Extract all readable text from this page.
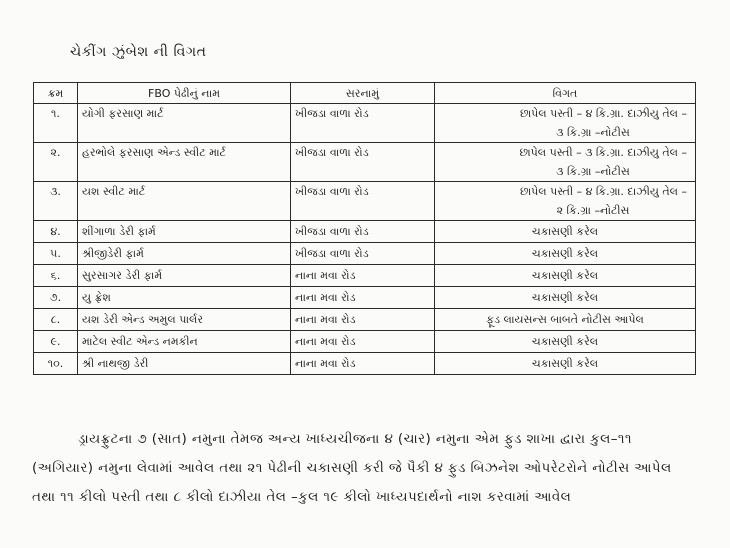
ચેકીંગ ઝુંબેશ ની વિગત
ક્રમ	FBO પેઢીનું નામ	સરનામું	વિગત
૧.	યોગી ફરસાણ માર્ટ	ખીજડા વાળા રોડ	છાપેલ પસ્તી – ૪ કિ.ગ્રા. દાઝીયુ તેલ –
૩ કિ.ગ્રા –નોટીસ

૨.	હરભોલે ફરસાણ એન્ડ સ્વીટ માર્ટ	ખીજડા વાળા રોડ	છાપેલ પસ્તી – ૩ કિ.ગ્રા. દાઝીયુ તેલ –
૩ કિ.ગ્રા –નોટીસ

૩.	યશ સ્વીટ માર્ટ	ખીજડા વાળા રોડ	છાપેલ પસ્તી – ૪ કિ.ગ્રા. દાઝીયુ તેલ –
૨ કિ.ગ્રા –નોટીસ

૪.	શીંગાળા ડેરી ફાર્મ	ખીજડા વાળા રોડ	ચકાસણી કરેલ
૫.	શ્રીજીડેરી ફાર્મ	ખીજડા વાળા રોડ	ચકાસણી કરેલ
૬.	સુરસાગર ડેરી ફાર્મ	નાના મવા રોડ	ચકાસણી કરેલ
૭.	યુ ફ્રેશ	નાના મવા રોડ	ચકાસણી કરેલ
૮.	યશ ડેરી એન્ડ અમુલ પાર્લર	નાના મવા રોડ	ફૂડ લાયસન્સ બાબતે નોટીસ આપેલ
૯.	માટેલ સ્વીટ એન્ડ નમકીન	નાના મવા રોડ	ચકાસણી કરેલ
૧૦.	શ્રી નાથજી ડેરી	નાના મવા રોડ	ચકાસણી કરેલ
ડ્રાયફ્રુટના ૭ (સાત) નમુના તેમજ અન્ય ખાધ્યચીજના ૪ (ચાર) નમુના એમ ફુડ શાખા દ્વારા કુલ–૧૧ (અગિયાર) નમુના લેવામાં આવેલ તથા ૨૧ પેઢીની ચકાસણી કરી જે પૈકી ૪ ફુડ બિઝનેશ ઓપરેટરોને નોટીસ આપેલ તથા ૧૧ કીલો પસ્તી તથા ૮ કીલો દાઝીયા તેલ –કુલ ૧૯ કીલો ખાધ્યપદાર્થનો નાશ કરવામાં આવેલ
